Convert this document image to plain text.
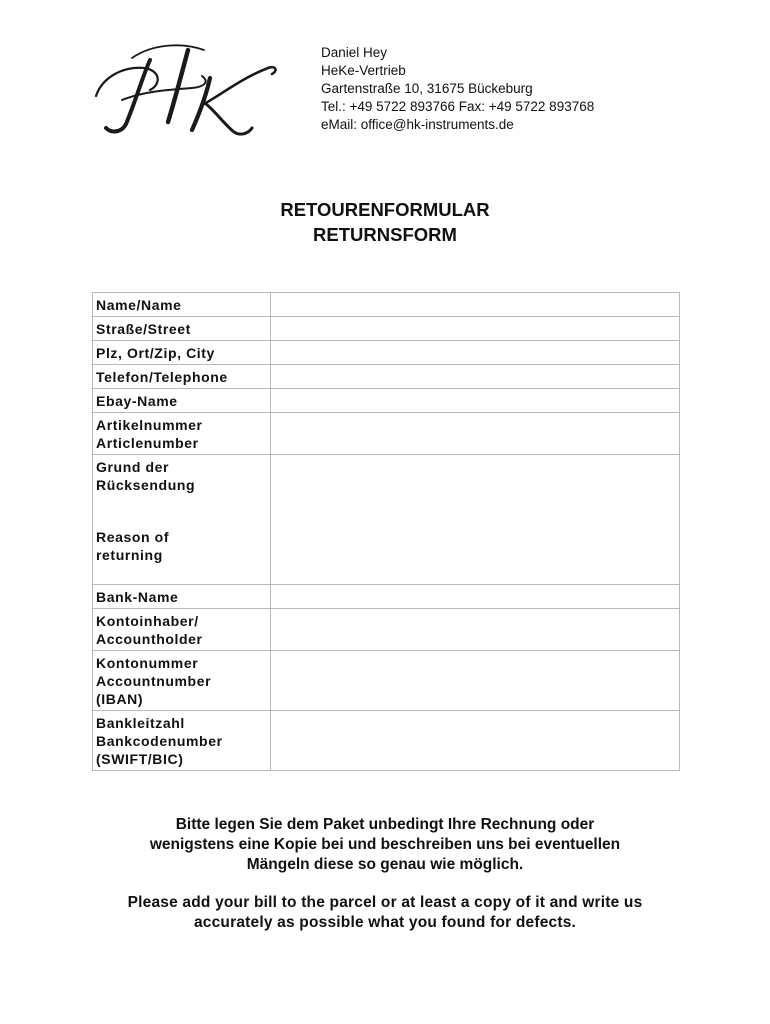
Daniel Hey
HeKe-Vertrieb
Gartenstraße 10, 31675 Bückeburg
Tel.: +49 5722 893766 Fax: +49 5722 893768
eMail: office@hk-instruments.de
RETOURENFORMULAR
RETURNSFORM
Name/Name	

Straße/Street	

Plz, Ort/Zip, City	

Telefon/Telephone	

Ebay-Name	

Artikelnummer
Articlenumber	

Grund der
Rücksendung
Reason of
returning	

Bank-Name	

Kontoinhaber/
Accountholder	

Kontonummer
Accountnumber
(IBAN)	

Bankleitzahl
Bankcodenumber
(SWIFT/BIC)	

Bitte legen Sie dem Paket unbedingt Ihre Rechnung oder
wenigstens eine Kopie bei und beschreiben uns bei eventuellen
Mängeln diese so genau wie möglich.
Please add your bill to the parcel or at least a copy of it and write us
accurately as possible what you found for defects.
